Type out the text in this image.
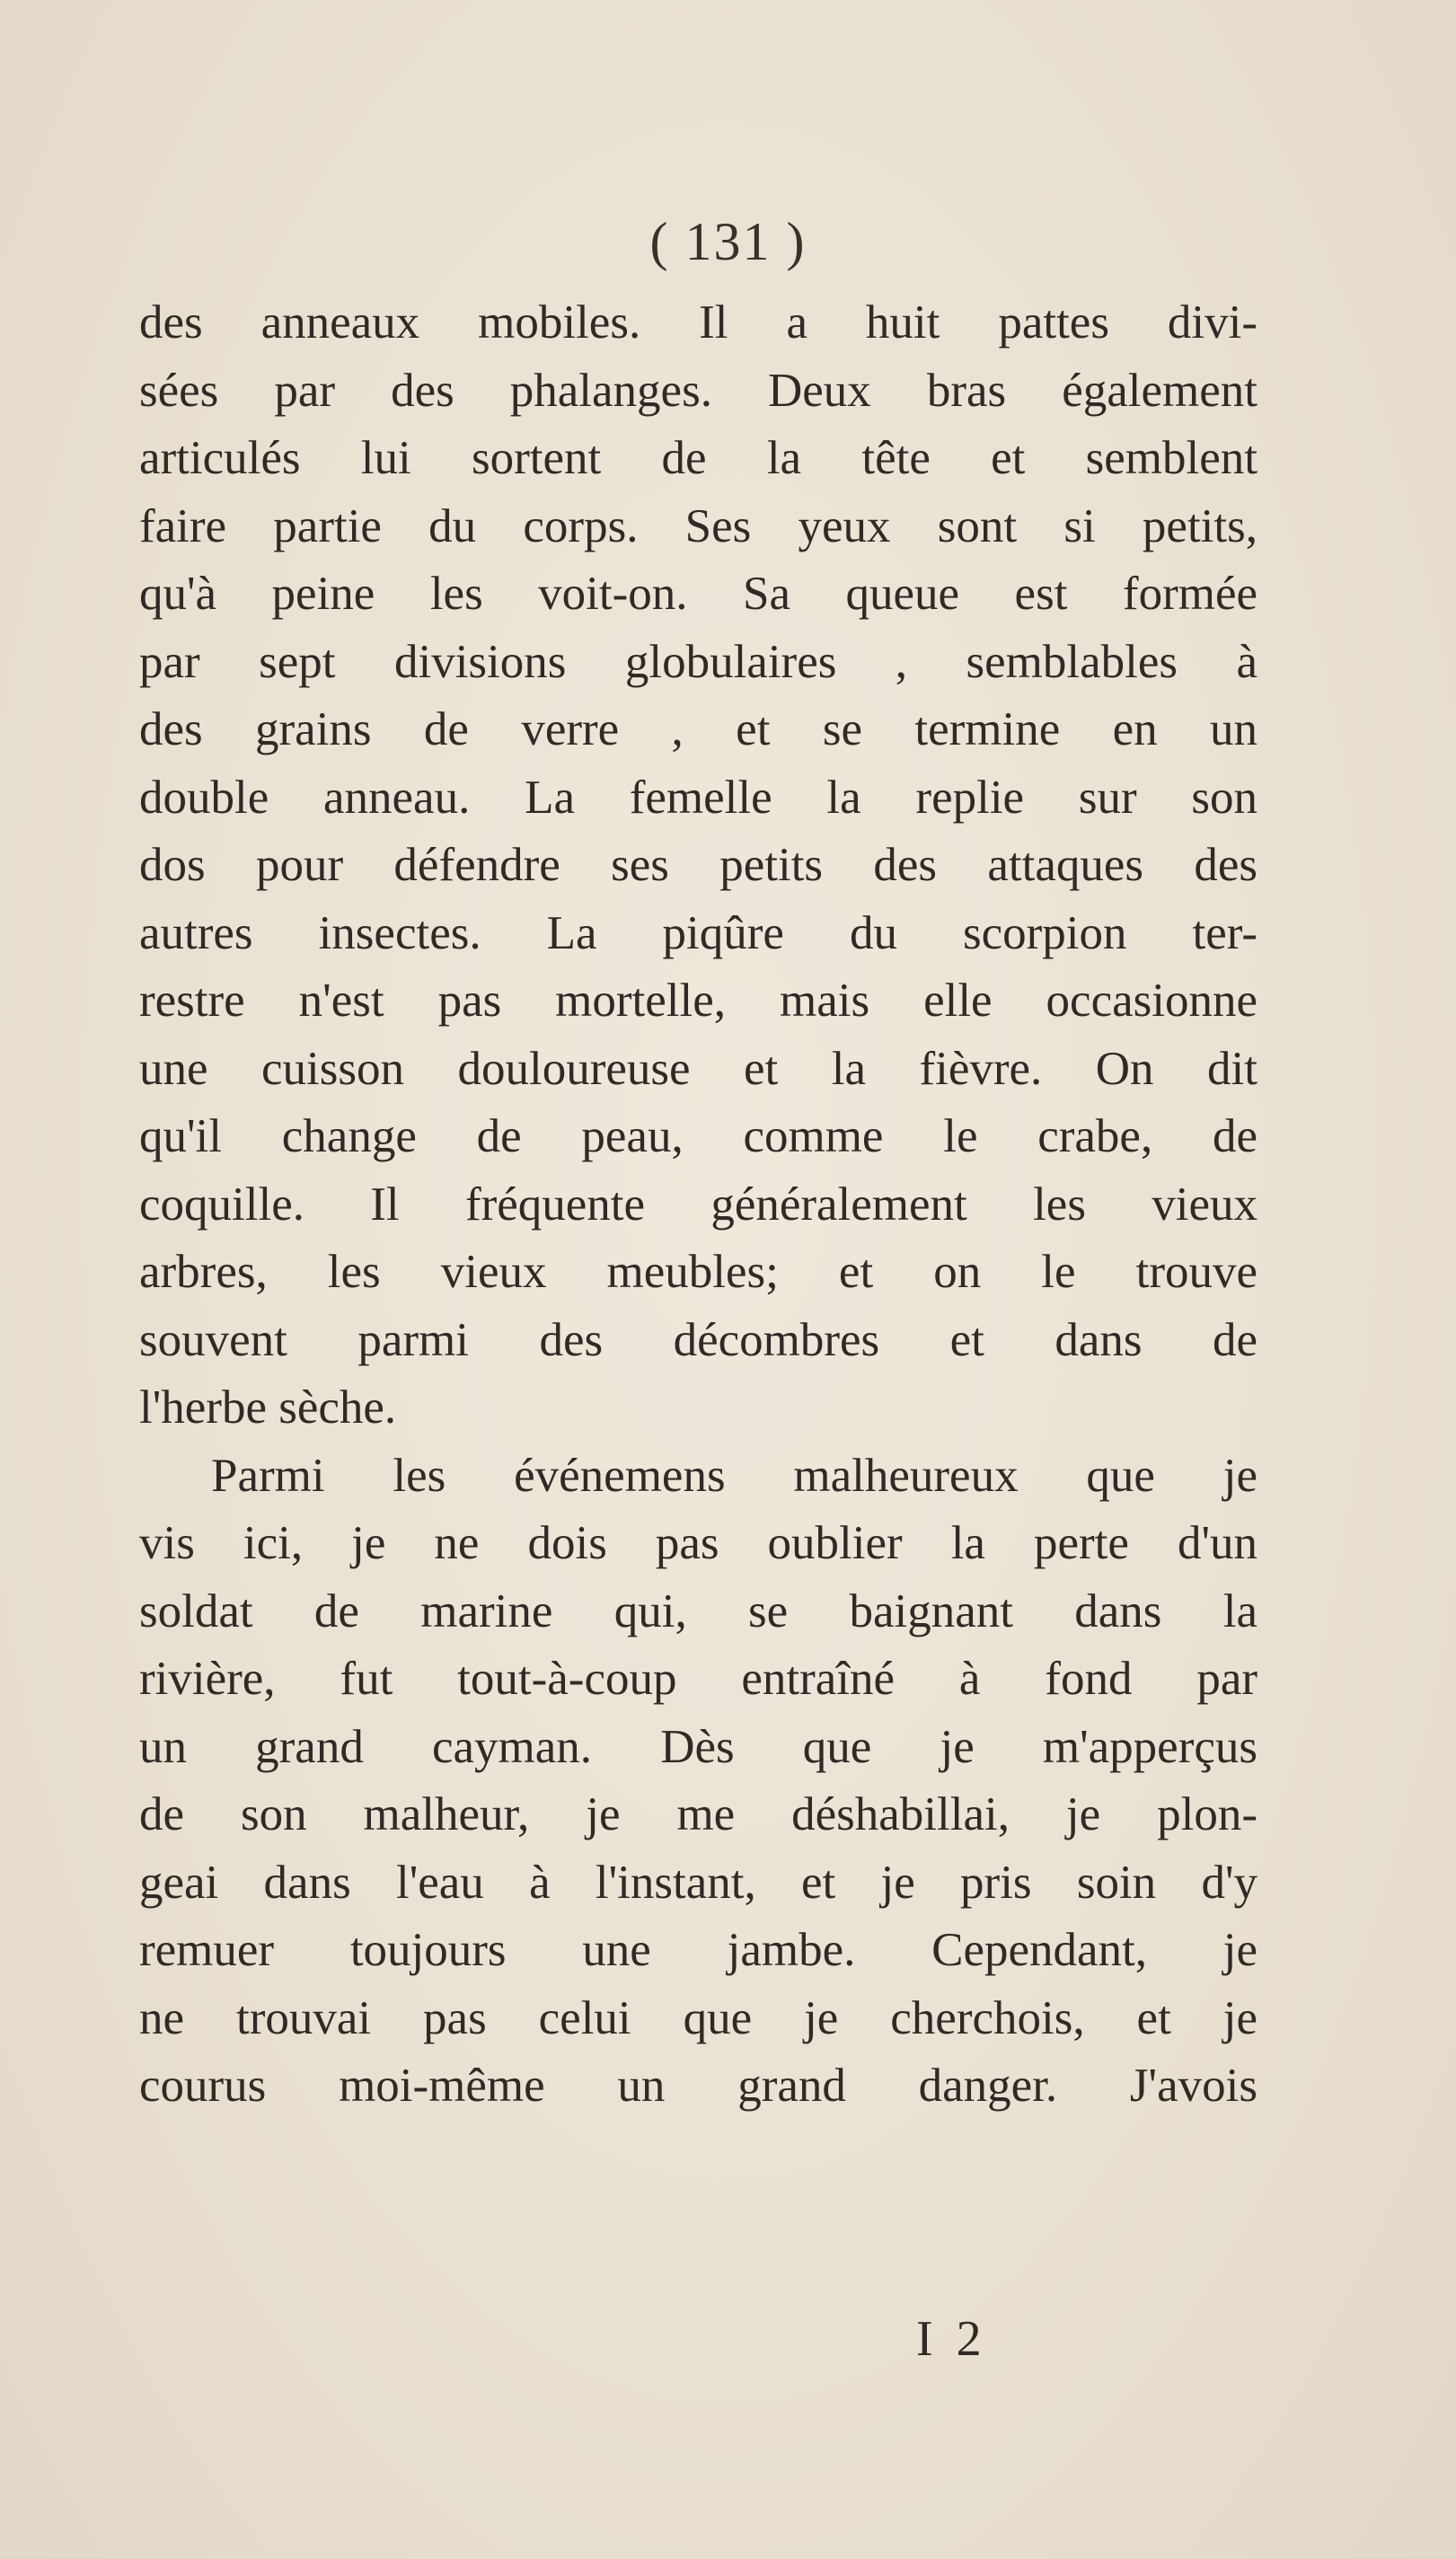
( 131 )
des anneaux mobiles. Il a huit pattes divi-
sées par des phalanges. Deux bras également
articulés lui sortent de la tête et semblent
faire partie du corps. Ses yeux sont si petits,
qu'à peine les voit-on. Sa queue est formée
par sept divisions globulaires , semblables à
des grains de verre , et se termine en un
double anneau. La femelle la replie sur son
dos pour défendre ses petits des attaques des
autres insectes. La piqûre du scorpion ter-
restre n'est pas mortelle, mais elle occasionne
une cuisson douloureuse et la fièvre. On dit
qu'il change de peau, comme le crabe, de
coquille. Il fréquente généralement les vieux
arbres, les vieux meubles; et on le trouve
souvent parmi des décombres et dans de
l'herbe sèche.
Parmi les événemens malheureux que je
vis ici, je ne dois pas oublier la perte d'un
soldat de marine qui, se baignant dans la
rivière, fut tout-à-coup entraîné à fond par
un grand cayman. Dès que je m'apperçus
de son malheur, je me déshabillai, je plon-
geai dans l'eau à l'instant, et je pris soin d'y
remuer toujours une jambe. Cependant, je
ne trouvai pas celui que je cherchois, et je
courus moi-même un grand danger. J'avois
I 2
